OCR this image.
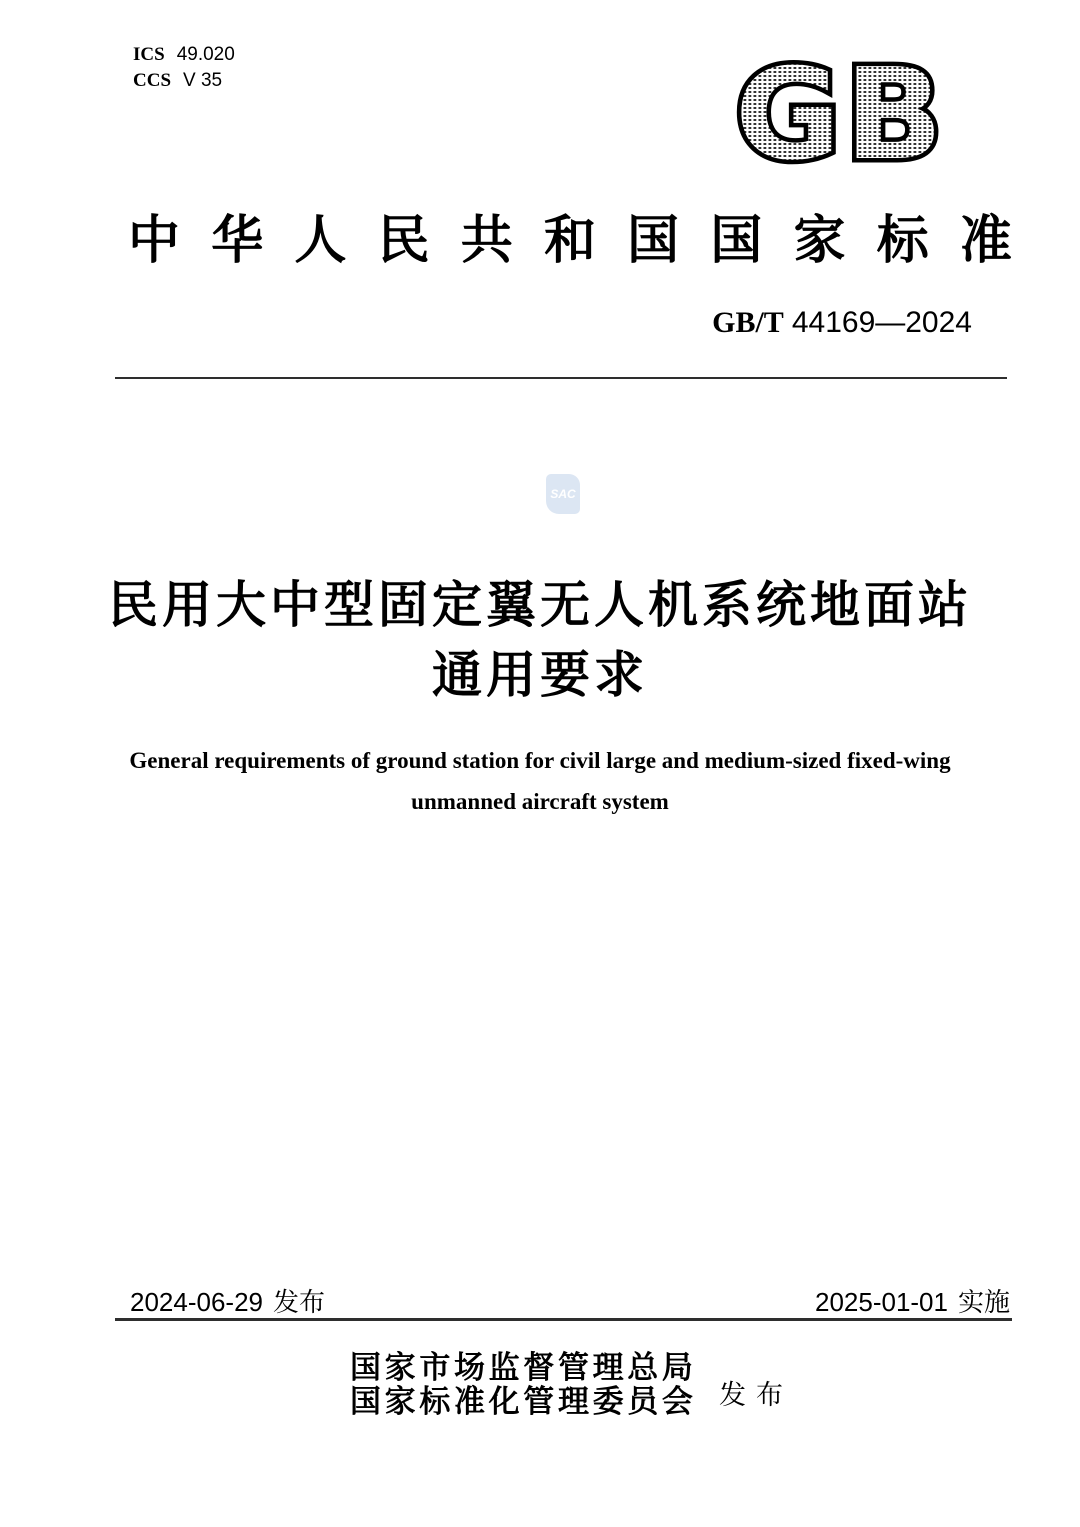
ICS 49.020
CCS V 35	GB
中 华 人 民 共 和 国 国 家 标 准
GB/T 44169—2024
SAC
民用大中型固定翼无人机系统地面站
通用要求
General requirements of ground station for civil large and medium-sized fixed-wing
unmanned aircraft system
2024-06-29 发布	2025-01-01 实施
国 家 市 场 监 督 管 理 总 局
国 家 标 准 化 管 理 委 员 会 发 布
